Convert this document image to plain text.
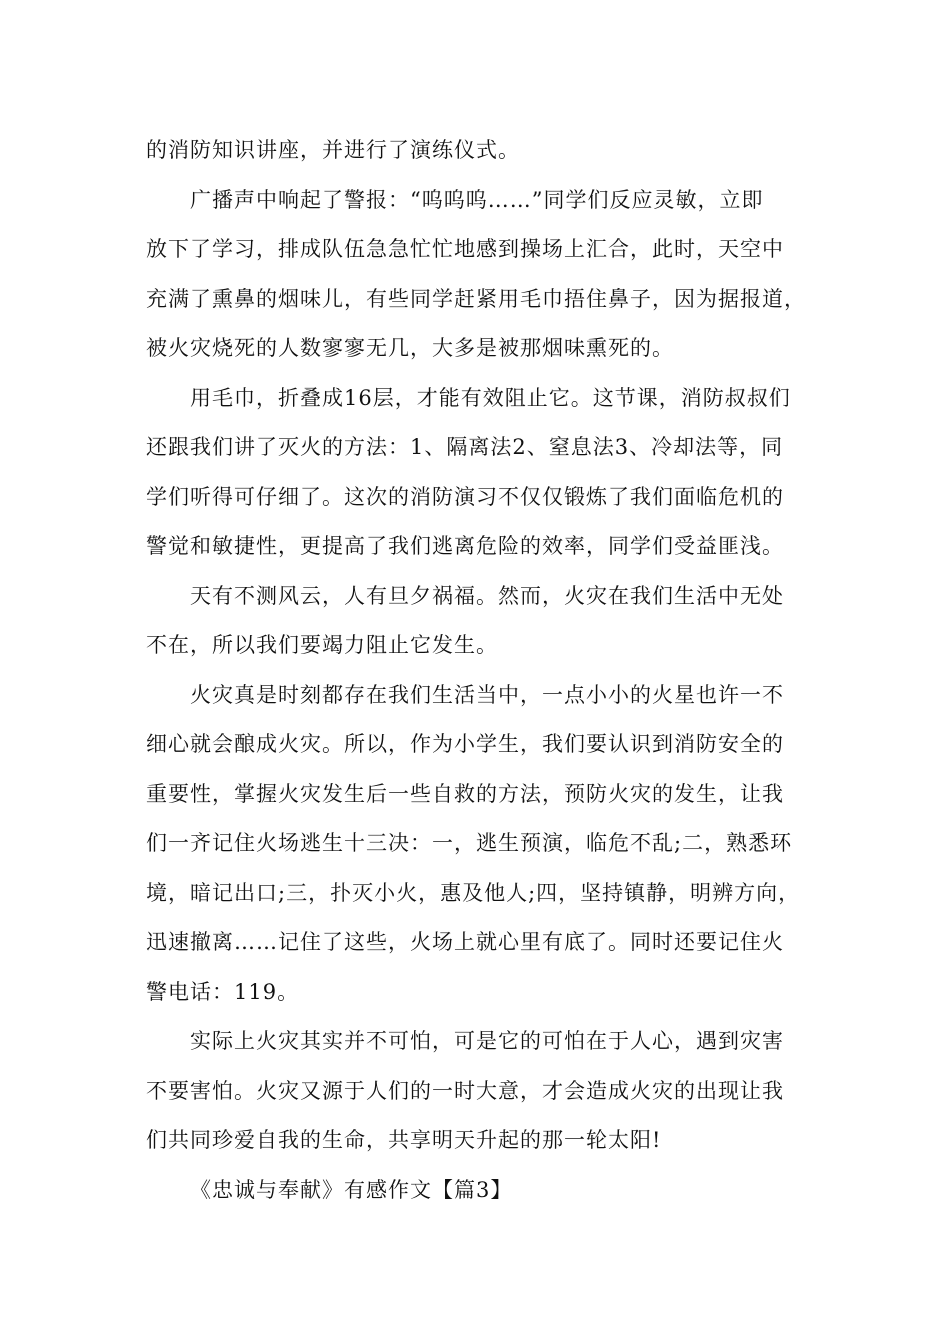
的消防知识讲座，并进行了演练仪式。
广播声中响起了警报：“呜呜呜……”同学们反应灵敏，立即
放下了学习，排成队伍急急忙忙地感到操场上汇合，此时，天空中
充满了熏鼻的烟味儿，有些同学赶紧用毛巾捂住鼻子，因为据报道，
被火灾烧死的人数寥寥无几，大多是被那烟味熏死的。
用毛巾，折叠成16层，才能有效阻止它。这节课，消防叔叔们
还跟我们讲了灭火的方法：1、隔离法2、窒息法3、冷却法等，同
学们听得可仔细了。这次的消防演习不仅仅锻炼了我们面临危机的
警觉和敏捷性，更提高了我们逃离危险的效率，同学们受益匪浅。
天有不测风云，人有旦夕祸福。然而，火灾在我们生活中无处
不在，所以我们要竭力阻止它发生。
火灾真是时刻都存在我们生活当中，一点小小的火星也许一不
细心就会酿成火灾。所以，作为小学生，我们要认识到消防安全的
重要性，掌握火灾发生后一些自救的方法，预防火灾的发生，让我
们一齐记住火场逃生十三决：一，逃生预演，临危不乱;二，熟悉环
境，暗记出口;三，扑灭小火，惠及他人;四，坚持镇静，明辨方向，
迅速撤离……记住了这些，火场上就心里有底了。同时还要记住火
警电话：119。
实际上火灾其实并不可怕，可是它的可怕在于人心，遇到灾害
不要害怕。火灾又源于人们的一时大意，才会造成火灾的出现让我
们共同珍爱自我的生命，共享明天升起的那一轮太阳!
《忠诚与奉献》有感作文【篇3】
